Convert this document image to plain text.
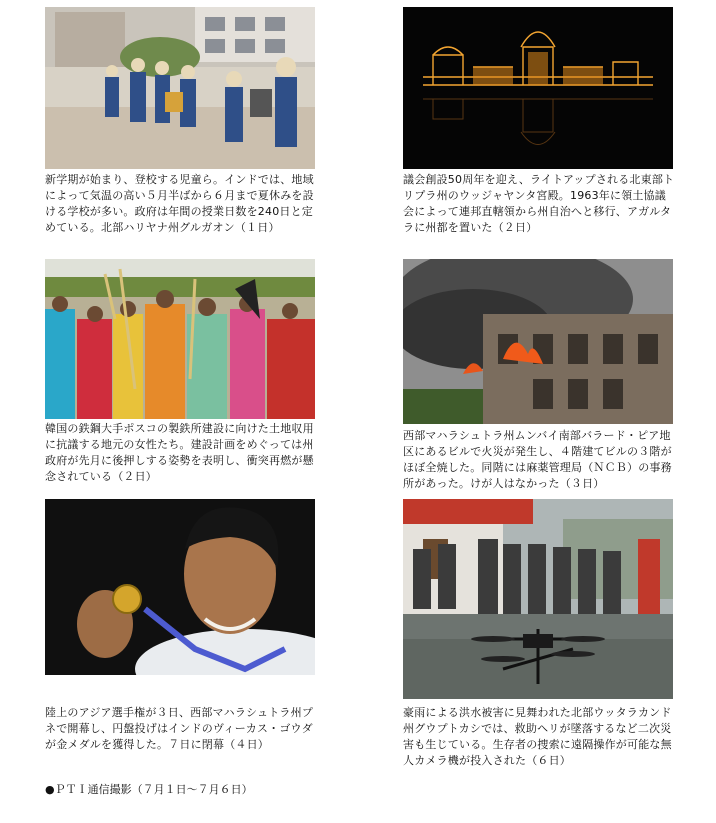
新学期が始まり、登校する児童ら。インドでは、地域によって気温の高い５月半ばから６月まで夏休みを設ける学校が多い。政府は年間の授業日数を240日と定めている。北部ハリヤナ州グルガオン（１日）
議会創設50周年を迎え、ライトアップされる北東部トリプラ州のウッジャヤンタ宮殿。1963年に領土協議会によって連邦直轄領から州自治へと移行、アガルタラに州都を置いた（２日）
韓国の鉄鋼大手ポスコの製鉄所建設に向けた土地収用に抗議する地元の女性たち。建設計画をめぐっては州政府が先月に後押しする姿勢を表明し、衝突再燃が懸念されている（２日）
西部マハラシュトラ州ムンバイ南部バラード・ピア地区にあるビルで火災が発生し、４階建てビルの３階がほぼ全焼した。同階には麻薬管理局（ＮＣＢ）の事務所があった。けが人はなかった（３日）
陸上のアジア選手権が３日、西部マハラシュトラ州プネで開幕し、円盤投げはインドのヴィーカス・ゴウダが金メダルを獲得した。７日に閉幕（４日）
豪雨による洪水被害に見舞われた北部ウッタラカンド州グウプトカシでは、救助ヘリが墜落するなど二次災害も生じている。生存者の捜索に遠隔操作が可能な無人カメラ機が投入された（６日）
●ＰＴＩ通信撮影（７月１日～７月６日）
